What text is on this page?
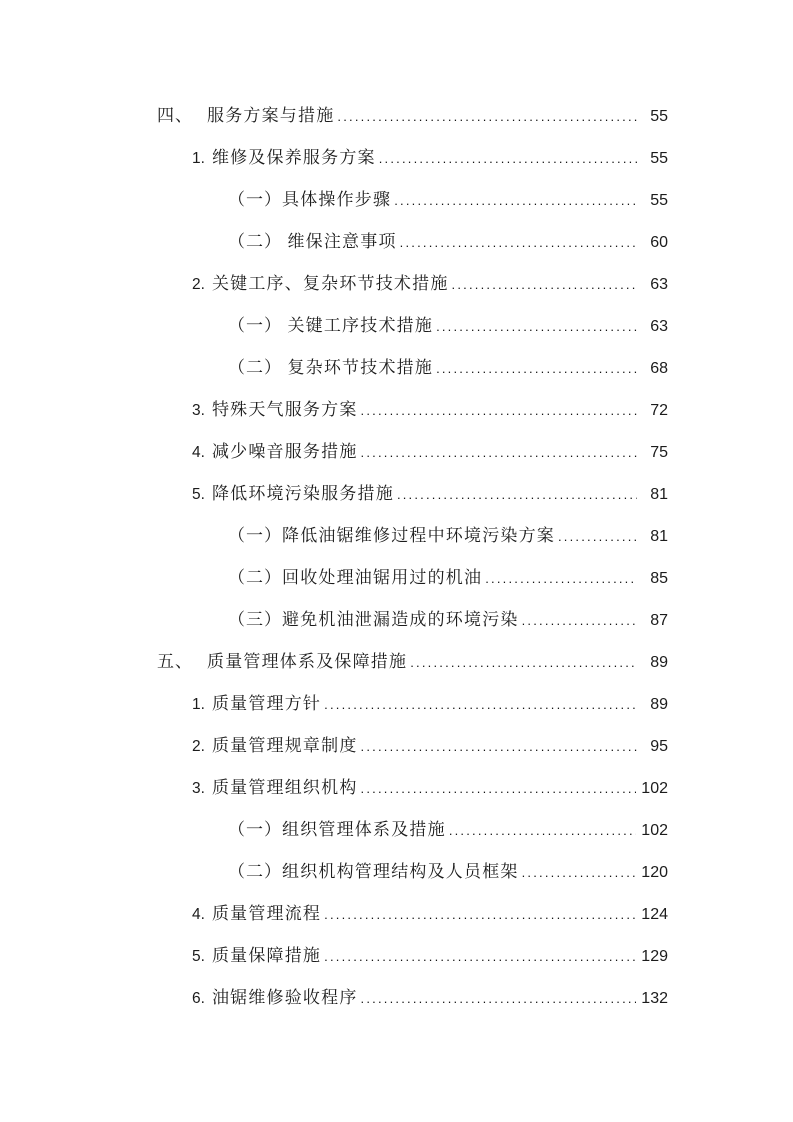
四、 服务方案与措施 .....	55
1. 维修及保养服务方案 .....	55
（一） 具体操作步骤 .....	55
（二） 维保注意事项 .....	60
2. 关键工序、复杂环节技术措施 .....	63
（一） 关键工序技术措施 .....	63
（二） 复杂环节技术措施 .....	68
3. 特殊天气服务方案 .....	72
4. 减少噪音服务措施 .....	75
5. 降低环境污染服务措施 .....	81
（一） 降低油锯维修过程中环境污染方案 .....	81
（二） 回收处理油锯用过的机油 .....	85
（三） 避免机油泄漏造成的环境污染 .....	87
五、 质量管理体系及保障措施 .....	89
1. 质量管理方针 .....	89
2. 质量管理规章制度 .....	95
3. 质量管理组织机构 .....	102
（一） 组织管理体系及措施 .....	102
（二） 组织机构管理结构及人员框架 .....	120
4. 质量管理流程 .....	124
5. 质量保障措施 .....	129
6. 油锯维修验收程序 .....	132
